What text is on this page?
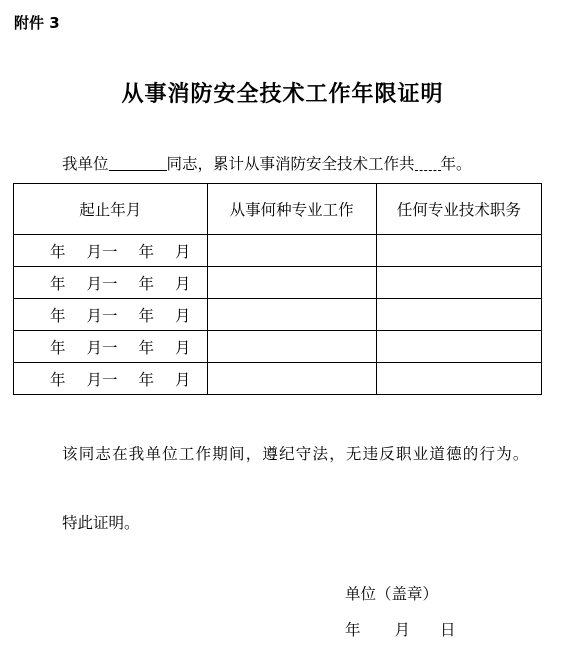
附件 3
从事消防安全技术工作年限证明
我单位	同志，累计从事消防安全技术工作共 年。
起止年月	从事何种专业工作	任何专业技术职务

年 月一 年 月		

年 月一 年 月		

年 月一 年 月		

年 月一 年 月		

年 月一 年 月		

该同志在我单位工作期间，遵纪守法，无违反职业道德的行为。
特此证明。
单位（盖章）
年 月 日
